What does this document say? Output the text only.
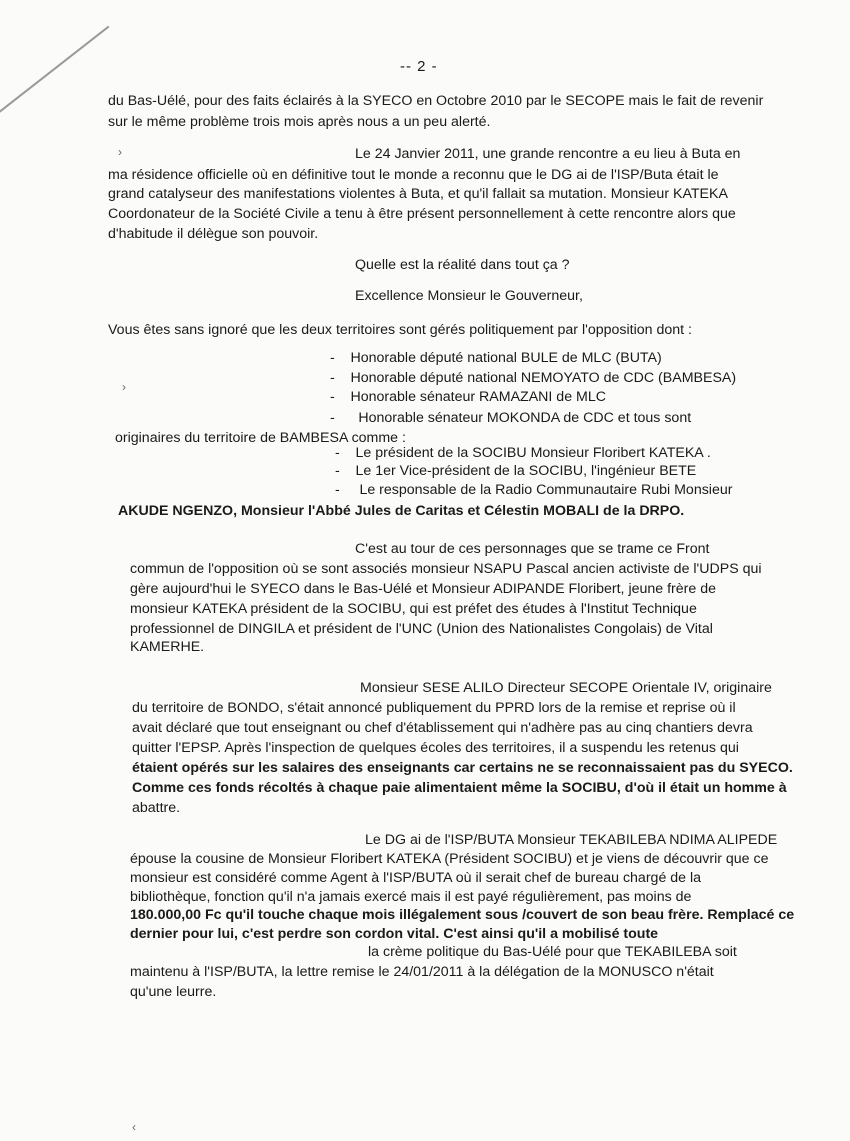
›
›
‹
-- 2 -
du Bas-Uélé, pour des faits éclairés à la SYECO en Octobre 2010 par le SECOPE mais le fait de revenir
sur le même problème trois mois après nous a un peu alerté.
Le 24 Janvier 2011, une grande rencontre a eu lieu à Buta en
ma résidence officielle où en définitive tout le monde a reconnu que le DG ai de l'ISP/Buta était le
grand catalyseur des manifestations violentes à Buta, et qu'il fallait sa mutation. Monsieur KATEKA
Coordonateur de la Société Civile a tenu à être présent personnellement à cette rencontre alors que
d'habitude il délègue son pouvoir.
Quelle est la réalité dans tout ça ?
Excellence Monsieur le Gouverneur,
Vous êtes sans ignoré que les deux territoires sont gérés politiquement par l'opposition dont :
-    Honorable député national BULE de MLC (BUTA)
-    Honorable député national NEMOYATO de CDC (BAMBESA)
-    Honorable sénateur RAMAZANI de MLC
-      Honorable sénateur MOKONDA de CDC et tous sont
originaires du territoire de BAMBESA comme :
-    Le président de la SOCIBU Monsieur Floribert KATEKA .
-    Le 1er Vice-président de la SOCIBU, l'ingénieur BETE
-     Le responsable de la Radio Communautaire Rubi Monsieur
AKUDE NGENZO, Monsieur l'Abbé Jules de Caritas et Célestin MOBALI de la DRPO.
C'est au tour de ces personnages que se trame ce Front
commun de l'opposition où se sont associés monsieur NSAPU Pascal ancien activiste de l'UDPS qui
gère aujourd'hui le SYECO dans le Bas-Uélé et Monsieur ADIPANDE Floribert, jeune frère de
monsieur KATEKA président de la SOCIBU, qui est préfet des études à l'Institut Technique
professionnel de DINGILA et président de l'UNC (Union des Nationalistes Congolais) de Vital
KAMERHE.
Monsieur SESE ALILO Directeur SECOPE Orientale IV, originaire
du territoire de BONDO, s'était annoncé publiquement du PPRD lors de la remise et reprise où il
avait déclaré que tout enseignant ou chef d'établissement qui n'adhère pas au cinq chantiers devra
quitter l'EPSP. Après l'inspection de quelques écoles des territoires, il a suspendu les retenus qui
étaient opérés sur les salaires des enseignants car certains ne se reconnaissaient pas du SYECO.
Comme ces fonds récoltés à chaque paie alimentaient même la SOCIBU, d'où il était un homme à
abattre.
Le DG ai de l'ISP/BUTA Monsieur TEKABILEBA NDIMA ALIPEDE
épouse la cousine de Monsieur Floribert KATEKA (Président SOCIBU) et je viens de découvrir que ce
monsieur est considéré comme Agent à l'ISP/BUTA où il serait chef de bureau chargé de la
bibliothèque, fonction qu'il n'a jamais exercé mais il est payé régulièrement, pas moins de
180.000,00 Fc qu'il touche chaque mois illégalement sous /couvert de son beau frère. Remplacé ce
dernier pour lui, c'est perdre son cordon vital. C'est ainsi qu'il a mobilisé toute
la crème politique du Bas-Uélé pour que TEKABILEBA soit
maintenu à l'ISP/BUTA, la lettre remise le 24/01/2011 à la délégation de la MONUSCO n'était
qu'une leurre.
